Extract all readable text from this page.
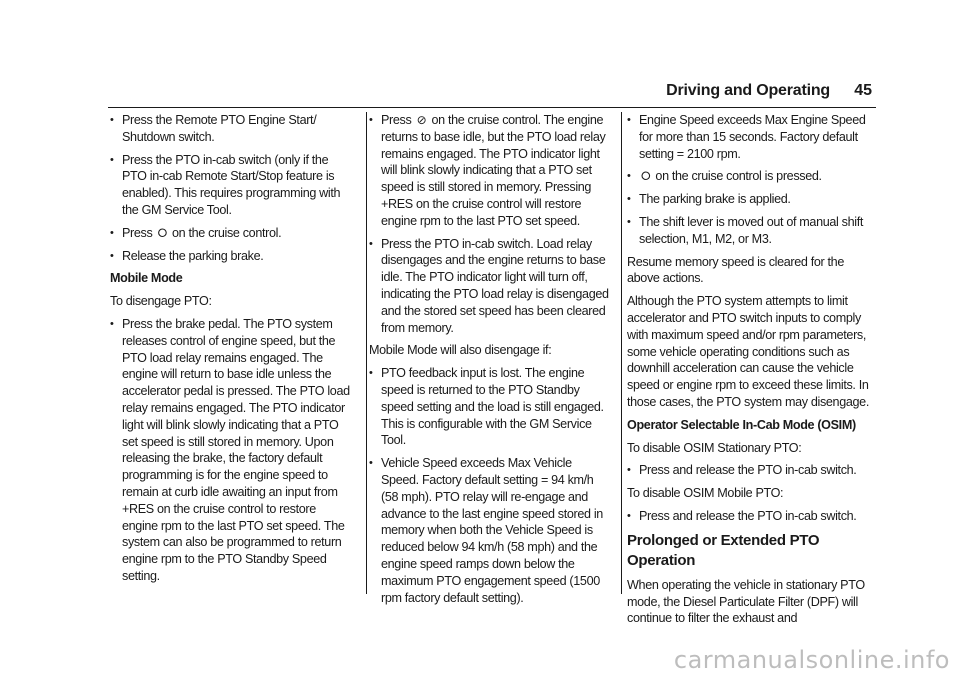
Driving and Operating 45
• Press the Remote PTO Engine Start/ Shutdown switch.
• Press the PTO in-cab switch (only if the PTO in-cab Remote Start/Stop feature is enabled). This requires programming with the GM Service Tool.
• Press ⭘ on the cruise control.
• Release the parking brake.

Mobile Mode

To disengage PTO:

• Press the brake pedal. The PTO system releases control of engine speed, but the PTO load relay remains engaged. The engine will return to base idle unless the accelerator pedal is pressed. The PTO load relay remains engaged. The PTO indicator light will blink slowly indicating that a PTO set speed is still stored in memory. Upon releasing the brake, the factory default programming is for the engine speed to remain at curb idle awaiting an input from +RES on the cruise control to restore engine rpm to the last PTO set speed. The system can also be programmed to return engine rpm to the PTO Standby Speed setting.
• Press ⊘ on the cruise control. The engine returns to base idle, but the PTO load relay remains engaged. The PTO indicator light will blink slowly indicating that a PTO set speed is still stored in memory. Pressing +RES on the cruise control will restore engine rpm to the last PTO set speed.
• Press the PTO in-cab switch. Load relay disengages and the engine returns to base idle. The PTO indicator light will turn off, indicating the PTO load relay is disengaged and the stored set speed has been cleared from memory.

Mobile Mode will also disengage if:

• PTO feedback input is lost. The engine speed is returned to the PTO Standby speed setting and the load is still engaged. This is configurable with the GM Service Tool.
• Vehicle Speed exceeds Max Vehicle Speed. Factory default setting = 94 km/h (58 mph). PTO relay will re-engage and advance to the last engine speed stored in memory when both the Vehicle Speed is reduced below 94 km/h (58 mph) and the engine speed ramps down below the maximum PTO engagement speed (1500 rpm factory default setting).
• Engine Speed exceeds Max Engine Speed for more than 15 seconds. Factory default setting = 2100 rpm.
• ⭘ on the cruise control is pressed.
• The parking brake is applied.
• The shift lever is moved out of manual shift selection, M1, M2, or M3.

Resume memory speed is cleared for the above actions.

Although the PTO system attempts to limit accelerator and PTO switch inputs to comply with maximum speed and/or rpm parameters, some vehicle operating conditions such as downhill acceleration can cause the vehicle speed or engine rpm to exceed these limits. In those cases, the PTO system may disengage.

Operator Selectable In-Cab Mode (OSIM)

To disable OSIM Stationary PTO:

• Press and release the PTO in-cab switch.

To disable OSIM Mobile PTO:

• Press and release the PTO in-cab switch.
Prolonged or Extended PTO Operation

When operating the vehicle in stationary PTO mode, the Diesel Particulate Filter (DPF) will continue to filter the exhaust and

carmanualsonline.info
